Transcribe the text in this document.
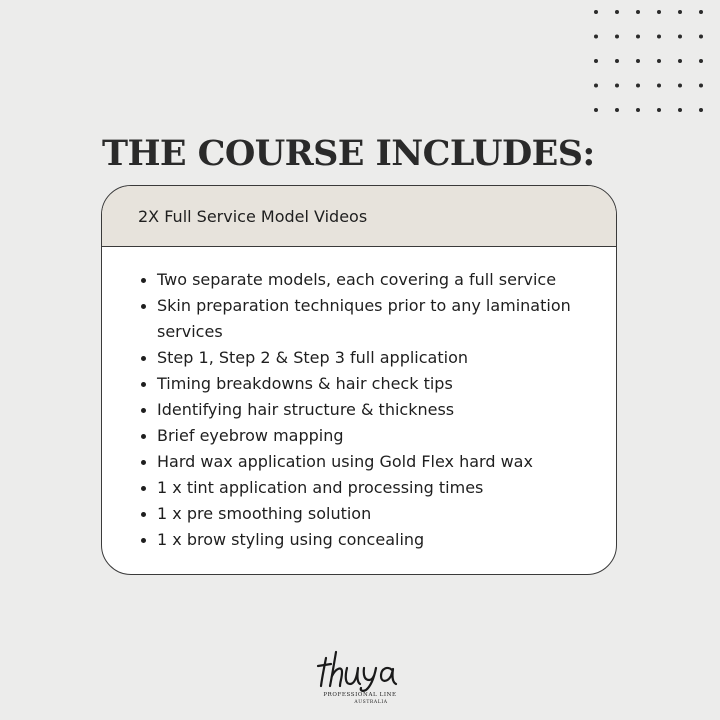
THE COURSE INCLUDES:
2X Full Service Model Videos
Two separate models, each covering a full service
Skin preparation techniques prior to any lamination services
Step 1, Step 2 & Step 3 full application
Timing breakdowns & hair check tips
Identifying hair structure & thickness
Brief eyebrow mapping
Hard wax application using Gold Flex hard wax
1 x tint application and processing times
1 x pre smoothing solution
1 x brow styling using concealing
PROFESSIONAL LINE
AUSTRALIA
